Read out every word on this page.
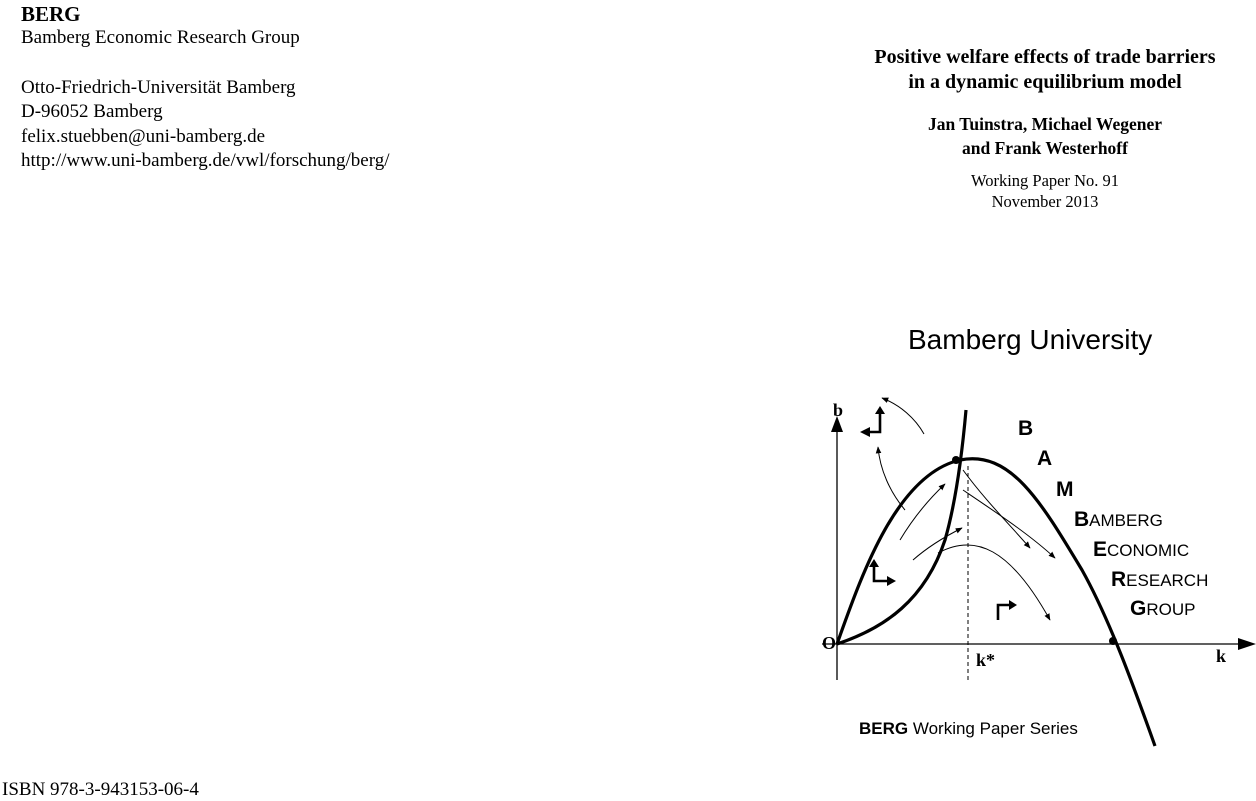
BERG
Bamberg Economic Research Group
Otto-Friedrich-Universität Bamberg
D-96052 Bamberg
felix.stuebben@uni-bamberg.de
http://www.uni-bamberg.de/vwl/forschung/berg/
Positive welfare effects of trade barriers
in a dynamic equilibrium model
Jan Tuinstra, Michael Wegener
and Frank Westerhoff
Working Paper No. 91
November 2013
Bamberg University
b
k
O
k*
B
A
M
BAMBERG
ECONOMIC
RESEARCH
GROUP
BERG Working Paper Series
ISBN 978-3-943153-06-4
